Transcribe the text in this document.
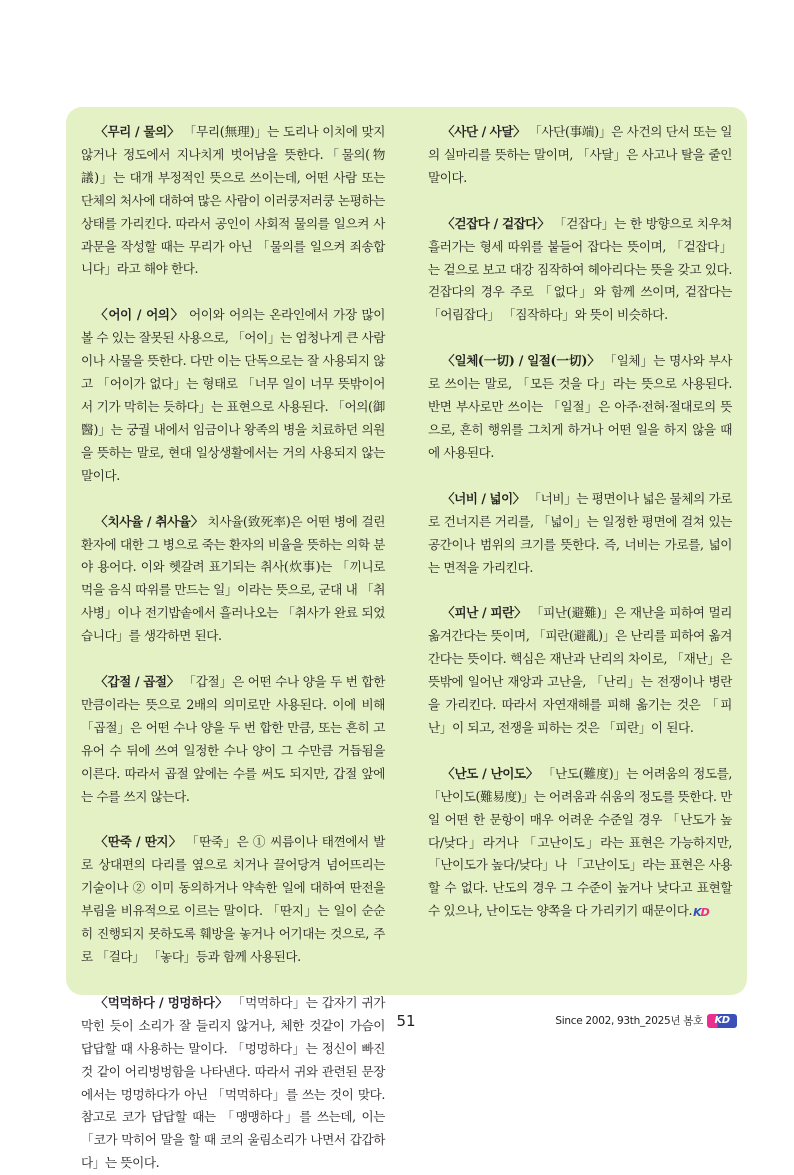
〈무리 / 물의〉 「무리(無理)」는 도리나 이치에 맞지 않거나 정도에서 지나치게 벗어남을 뜻한다.「물의(物議)」는 대개 부정적인 뜻으로 쓰이는데, 어떤 사람 또는 단체의 처사에 대하여 많은 사람이 이러쿵저러쿵 논평하는 상태를 가리킨다. 따라서 공인이 사회적 물의를 일으켜 사과문을 작성할 때는 무리가 아닌 「물의를 일으켜 죄송합니다」라고 해야 한다.

〈어이 / 어의〉 어이와 어의는 온라인에서 가장 많이 볼 수 있는 잘못된 사용으로, 「어이」는 엄청나게 큰 사람이나 사물을 뜻한다. 다만 이는 단독으로는 잘 사용되지 않고 「어이가 없다」는 형태로 「너무 일이 너무 뜻밖이어서 기가 막히는 듯하다」는 표현으로 사용된다. 「어의(御醫)」는 궁궐 내에서 임금이나 왕족의 병을 치료하던 의원을 뜻하는 말로, 현대 일상생활에서는 거의 사용되지 않는 말이다.

〈치사율 / 취사율〉 치사율(致死率)은 어떤 병에 걸린 환자에 대한 그 병으로 죽는 환자의 비율을 뜻하는 의학 분야 용어다. 이와 헷갈려 표기되는 취사(炊事)는 「끼니로 먹을 음식 따위를 만드는 일」이라는 뜻으로, 군대 내 「취사병」이나 전기밥솥에서 흘러나오는 「취사가 완료 되었습니다」를 생각하면 된다.

〈갑절 / 곱절〉 「갑절」은 어떤 수나 양을 두 번 합한 만큼이라는 뜻으로 2배의 의미로만 사용된다. 이에 비해 「곱절」은 어떤 수나 양을 두 번 합한 만큼, 또는 흔히 고유어 수 뒤에 쓰여 일정한 수나 양이 그 수만큼 거듭됨을 이른다. 따라서 곱절 앞에는 수를 써도 되지만, 갑절 앞에는 수를 쓰지 않는다.

〈딴죽 / 딴지〉 「딴죽」은 ① 씨름이나 태껸에서 발로 상대편의 다리를 옆으로 치거나 끌어당겨 넘어뜨리는 기술이나 ② 이미 동의하거나 약속한 일에 대하여 딴전을 부림을 비유적으로 이르는 말이다. 「딴지」는 일이 순순히 진행되지 못하도록 훼방을 놓거나 어기대는 것으로, 주로 「걸다」 「놓다」등과 함께 사용된다.

〈먹먹하다 / 멍멍하다〉 「먹먹하다」는 갑자기 귀가 막힌 듯이 소리가 잘 들리지 않거나, 체한 것같이 가슴이 답답할 때 사용하는 말이다. 「멍멍하다」는 정신이 빠진 것 같이 어리벙벙함을 나타낸다. 따라서 귀와 관련된 문장에서는 멍멍하다가 아닌 「먹먹하다」를 쓰는 것이 맞다. 참고로 코가 답답할 때는 「맹맹하다」를 쓰는데, 이는 「코가 막히어 말을 할 때 코의 울림소리가 나면서 갑갑하다」는 뜻이다.

〈사단 / 사달〉 「사단(事端)」은 사건의 단서 또는 일의 실마리를 뜻하는 말이며, 「사달」은 사고나 탈을 줄인 말이다.

〈걷잡다 / 겉잡다〉 「걷잡다」는 한 방향으로 치우쳐 흘러가는 형세 따위를 붙들어 잡다는 뜻이며, 「겉잡다」는 겉으로 보고 대강 짐작하여 헤아리다는 뜻을 갖고 있다. 걷잡다의 경우 주로 「없다」와 함께 쓰이며, 겉잡다는 「어림잡다」 「짐작하다」와 뜻이 비슷하다.

〈일체(一切) / 일절(一切)〉 「일체」는 명사와 부사로 쓰이는 말로, 「모든 것을 다」라는 뜻으로 사용된다. 반면 부사로만 쓰이는 「일절」은 아주·전혀·절대로의 뜻으로, 흔히 행위를 그치게 하거나 어떤 일을 하지 않을 때에 사용된다.

〈너비 / 넓이〉 「너비」는 평면이나 넓은 물체의 가로로 건너지른 거리를, 「넓이」는 일정한 평면에 걸쳐 있는 공간이나 범위의 크기를 뜻한다. 즉, 너비는 가로를, 넓이는 면적을 가리킨다.

〈피난 / 피란〉 「피난(避難)」은 재난을 피하여 멀리 옮겨간다는 뜻이며, 「피란(避亂)」은 난리를 피하여 옮겨 간다는 뜻이다. 핵심은 재난과 난리의 차이로, 「재난」은 뜻밖에 일어난 재앙과 고난을, 「난리」는 전쟁이나 병란을 가리킨다. 따라서 자연재해를 피해 옮기는 것은 「피난」이 되고, 전쟁을 피하는 것은 「피란」이 된다.

〈난도 / 난이도〉 「난도(難度)」는 어려움의 정도를, 「난이도(難易度)」는 어려움과 쉬움의 정도를 뜻한다. 만일 어떤 한 문항이 매우 어려운 수준일 경우 「난도가 높다/낮다」라거나 「고난이도」라는 표현은 가능하지만, 「난이도가 높다/낮다」나 「고난이도」라는 표현은 사용할 수 없다. 난도의 경우 그 수준이 높거나 낮다고 표현할 수 있으나, 난이도는 양쪽을 다 가리키기 때문이다.KD

51	Since 2002, 93th_2025년 봄호 K D
